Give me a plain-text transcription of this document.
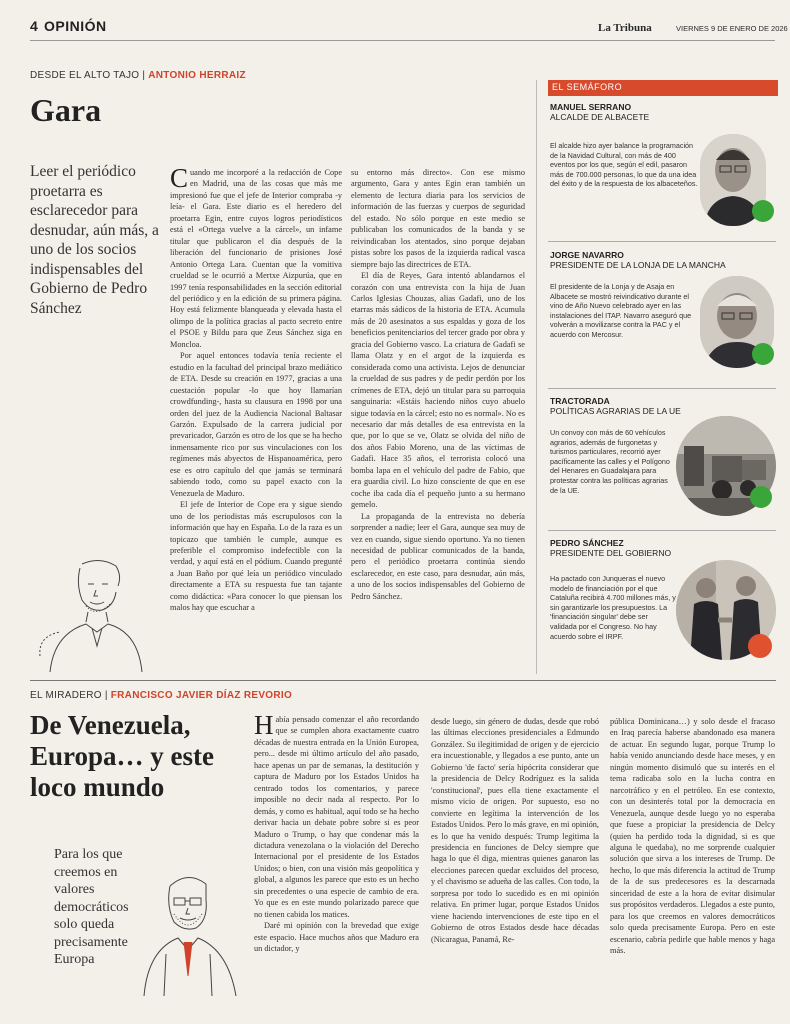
4 OPINIÓN	La Tribuna	VIERNES 9 DE ENERO DE 2026
DESDE EL ALTO TAJO | ANTONIO HERRAIZ
Gara
Leer el periódico proetarra es esclarecedor para desnudar, aún más, a uno de los socios indispensables del Gobierno de Pedro Sánchez

Cuando me incorporé a la redacción de Cope en Madrid, una de las cosas que más me impresionó fue que el jefe de Interior compraba -y leía- el Gara. Este diario es el heredero del proetarra Egin, entre cuyos logros periodísticos está el «Ortega vuelve a la cárcel», un infame titular que publicaron el día después de la liberación del funcionario de prisiones José Antonio Ortega Lara. Cuentan que la vomitiva crueldad se le ocurrió a Mertxe Aizpurúa, que en 1997 tenía responsabilidades en la sección editorial del periódico y en la edición de su primera página. Hoy está felizmente blanqueada y elevada hasta el olimpo de la política gracias al pacto secreto entre el PSOE y Bildu para que Zeus Sánchez siga en Moncloa.

Por aquel entonces todavía tenía reciente el estudio en la facultad del principal brazo mediático de ETA. Desde su creación en 1977, gracias a una cuestación popular -lo que hoy llamarían crowdfunding-, hasta su clausura en 1998 por una orden del juez de la Audiencia Nacional Baltasar Garzón. Expulsado de la carrera judicial por prevaricador, Garzón es otro de los que se ha hecho inmensamente rico por sus vinculaciones con los regímenes más abyectos de Hispanoamérica, pero ese es otro capítulo del que jamás se terminará sabiendo todo, como su papel exacto con la Venezuela de Maduro.

El jefe de Interior de Cope era y sigue siendo uno de los periodistas más escrupulosos con la información que hay en España. Lo de la raza es un topicazo que también le cumple, aunque es preferible el compromiso indefectible con la verdad, y aquí está en el pódium. Cuando pregunté a Juan Baño por qué leía un periódico vinculado directamente a ETA su respuesta fue tan tajante como didáctica: «Para conocer lo que piensan los malos hay que escuchar a

su entorno más directo». Con ese mismo argumento, Gara y antes Egin eran también un elemento de lectura diaria para los servicios de información de las fuerzas y cuerpos de seguridad del estado. No sólo porque en este medio se publicaban los comunicados de la banda y se reivindicaban los atentados, sino porque dejaban pistas sobre los pasos de la izquierda radical vasca siempre bajo las directrices de ETA.

El día de Reyes, Gara intentó ablandarnos el corazón con una entrevista con la hija de Juan Carlos Iglesias Chouzas, alias Gadafi, uno de los etarras más sádicos de la historia de ETA. Acumula más de 20 asesinatos a sus espaldas y goza de los beneficios penitenciarios del tercer grado por obra y gracia del Gobierno vasco. La criatura de Gadafi se llama Olatz y en el argot de la izquierda es considerada como una activista. Lejos de denunciar la crueldad de sus padres y de pedir perdón por los crímenes de ETA, dejó un titular para su parroquia sanguinaria: «Estáis haciendo niños cuyo abuelo sigue todavía en la cárcel; esto no es normal». No es necesario dar más detalles de esa entrevista en la que, por lo que se ve, Olatz se olvida del niño de dos años Fabio Moreno, una de las víctimas de Gadafi. Hace 35 años, el terrorista colocó una bomba lapa en el vehículo del padre de Fabio, que era guardia civil. Lo hizo consciente de que en ese coche iba cada día el pequeño junto a su hermano gemelo.

La propaganda de la entrevista no debería sorprender a nadie; leer el Gara, aunque sea muy de vez en cuando, sigue siendo oportuno. Ya no tienen necesidad de publicar comunicados de la banda, pero el periódico proetarra continúa siendo esclarecedor, en este caso, para desnudar, aún más, a uno de los socios indispensables del Gobierno de Pedro Sánchez.

EL SEMÁFORO
MANUEL SERRANO
ALCALDE DE ALBACETE
El alcalde hizo ayer balance la programación de la Navidad Cultural, con más de 400 eventos por los que, según el edil, pasaron más de 700.000 personas, lo que da una idea del éxito y de la respuesta de los albaceteños.
JORGE NAVARRO
PRESIDENTE DE LA LONJA DE LA MANCHA
El presidente de la Lonja y de Asaja en Albacete se mostró reivindicativo durante el vino de Año Nuevo celebrado ayer en las instalaciones del ITAP. Navarro aseguró que volverán a movilizarse contra la PAC y el acuerdo con Mercosur.
TRACTORADA
POLÍTICAS AGRARIAS DE LA UE
Un convoy con más de 60 vehículos agrarios, además de furgonetas y turismos particulares, recorrió ayer pacíficamente las calles y el Polígono del Henares en Guadalajara para protestar contra las políticas agrarias de la UE.
PEDRO SÁNCHEZ
PRESIDENTE DEL GOBIERNO
Ha pactado con Junqueras el nuevo modelo de financiación por el que Cataluña recibirá 4.700 millones más, y sin garantizarle los presupuestos. La 'financiación singular' debe ser validada por el Congreso. No hay acuerdo sobre el IRPF.
EL MIRADERO | FRANCISCO JAVIER DÍAZ REVORIO
De Venezuela, Europa… y este loco mundo
Para los que creemos en valores democráticos solo queda precisamente Europa

Había pensado comenzar el año recordando que se cumplen ahora exactamente cuatro décadas de nuestra entrada en la Unión Europea, pero... desde mi último artículo del año pasado, hace apenas un par de semanas, la destitución y captura de Maduro por los Estados Unidos ha centrado todos los comentarios, y parece imposible no decir nada al respecto. Por lo demás, y como es habitual, aquí todo se ha hecho derivar hacia un debate pobre sobre si es peor Maduro o Trump, o hay que condenar más la dictadura venezolana o la violación del Derecho Internacional por el presidente de los Estados Unidos; o bien, con una visión más geopolítica y global, a algunos les parece que esto es un hecho sin precedentes o una especie de cambio de era. Yo que es en este mundo polarizado parece que no tienen cabida los matices.

Daré mi opinión con la brevedad que exige este espacio. Hace muchos años que Maduro era un dictador, y

desde luego, sin género de dudas, desde que robó las últimas elecciones presidenciales a Edmundo González. Su ilegitimidad de origen y de ejercicio era incuestionable, y llegados a ese punto, ante un Gobierno 'de facto' sería hipócrita considerar que la presidencia de Delcy Rodríguez es la salida 'constitucional', pues ella tiene exactamente el mismo vicio de origen. Por supuesto, eso no convierte en legítima la intervención de los Estados Unidos. Pero lo más grave, en mi opinión, es lo que ha venido después: Trump legitima la presidencia en funciones de Delcy siempre que haga lo que él diga, mientras quienes ganaron las elecciones parecen quedar excluidos del proceso, y el chavismo se adueña de las calles. Con todo, la sorpresa por todo lo sucedido es en mi opinión relativa. En primer lugar, porque Estados Unidos viene haciendo intervenciones de este tipo en el Gobierno de otros Estados desde hace décadas (Nicaragua, Panamá, Re-

pública Dominicana…) y solo desde el fracaso en Iraq parecía haberse abandonado esa manera de actuar. En segundo lugar, porque Trump lo había venido anunciando desde hace meses, y en ningún momento disimuló que su interés en el tema radicaba solo en la lucha contra en narcotráfico y en el petróleo. En ese contexto, con un desinterés total por la democracia en Venezuela, aunque desde luego yo no esperaba que fuese a propiciar la presidencia de Delcy (quien ha perdido toda la dignidad, si es que alguna le quedaba), no me sorprende cualquier solución que sirva a los intereses de Trump. De hecho, lo que más diferencia la actitud de Trump de la de sus predecesores es la descarnada sinceridad de este a la hora de evitar disimular sus propósitos verdaderos. Llegados a este punto, para los que creemos en valores democráticos solo queda precisamente Europa. Pero en este escenario, cabría pedirle que hable menos y haga más.
